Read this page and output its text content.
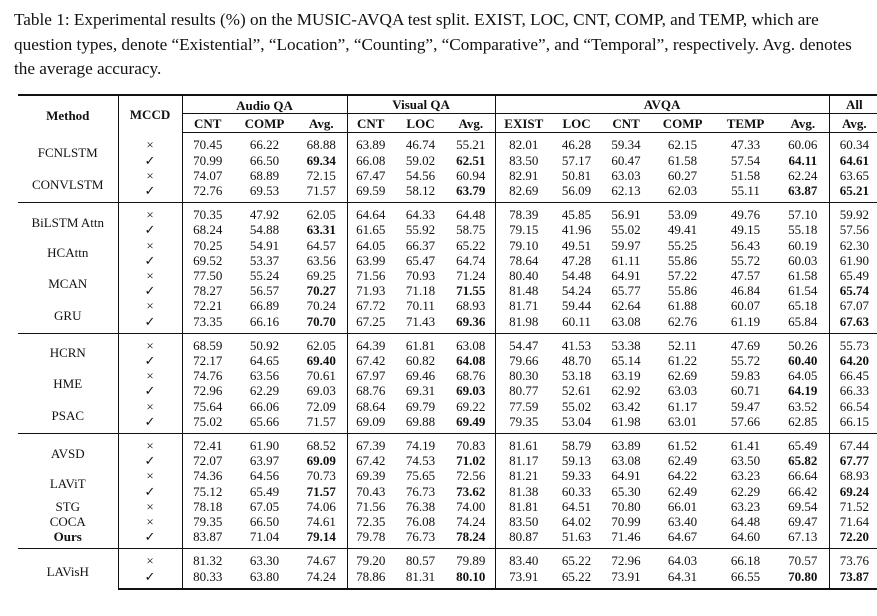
Table 1: Experimental results (%) on the MUSIC-AVQA test split. EXIST, LOC, CNT, COMP, and TEMP, which are question types, denote “Existential”, “Location”, “Counting”, “Comparative”, and “Temporal”, respectively. Avg. denotes the average accuracy.
Method	MCCD	Audio QA			Visual QA			AVQA						All
		CNT	COMP	Avg.	CNT	LOC	Avg.	EXIST	LOC	CNT	COMP	TEMP	Avg.	Avg.
FCNLSTM	×	70.45	66.22	68.88	63.89	46.74	55.21	82.01	46.28	59.34	62.15	47.33	60.06	60.34
	✓	70.99	66.50	69.34	66.08	59.02	62.51	83.50	57.17	60.47	61.58	57.54	64.11	64.61
CONVLSTM	×	74.07	68.89	72.15	67.47	54.56	60.94	82.91	50.81	63.03	60.27	51.58	62.24	63.65
	✓	72.76	69.53	71.57	69.59	58.12	63.79	82.69	56.09	62.13	62.03	55.11	63.87	65.21
BiLSTM Attn	×	70.35	47.92	62.05	64.64	64.33	64.48	78.39	45.85	56.91	53.09	49.76	57.10	59.92
	✓	68.24	54.88	63.31	61.65	55.92	58.75	79.15	41.96	55.02	49.41	49.15	55.18	57.56
HCAttn	×	70.25	54.91	64.57	64.05	66.37	65.22	79.10	49.51	59.97	55.25	56.43	60.19	62.30
	✓	69.52	53.37	63.56	63.99	65.47	64.74	78.64	47.28	61.11	55.86	55.72	60.03	61.90
MCAN	×	77.50	55.24	69.25	71.56	70.93	71.24	80.40	54.48	64.91	57.22	47.57	61.58	65.49
	✓	78.27	56.57	70.27	71.93	71.18	71.55	81.48	54.24	65.77	55.86	46.84	61.54	65.74
GRU	×	72.21	66.89	70.24	67.72	70.11	68.93	81.71	59.44	62.64	61.88	60.07	65.18	67.07
	✓	73.35	66.16	70.70	67.25	71.43	69.36	81.98	60.11	63.08	62.76	61.19	65.84	67.63
HCRN	×	68.59	50.92	62.05	64.39	61.81	63.08	54.47	41.53	53.38	52.11	47.69	50.26	55.73
	✓	72.17	64.65	69.40	67.42	60.82	64.08	79.66	48.70	65.14	61.22	55.72	60.40	64.20
HME	×	74.76	63.56	70.61	67.97	69.46	68.76	80.30	53.18	63.19	62.69	59.83	64.05	66.45
	✓	72.96	62.29	69.03	68.76	69.31	69.03	80.77	52.61	62.92	63.03	60.71	64.19	66.33
PSAC	×	75.64	66.06	72.09	68.64	69.79	69.22	77.59	55.02	63.42	61.17	59.47	63.52	66.54
	✓	75.02	65.66	71.57	69.09	69.88	69.49	79.35	53.04	61.98	63.01	57.66	62.85	66.15
AVSD	×	72.41	61.90	68.52	67.39	74.19	70.83	81.61	58.79	63.89	61.52	61.41	65.49	67.44
	✓	72.07	63.97	69.09	67.42	74.53	71.02	81.17	59.13	63.08	62.49	63.50	65.82	67.77
LAViT	×	74.36	64.56	70.73	69.39	75.65	72.56	81.21	59.33	64.91	64.22	63.23	66.64	68.93
	✓	75.12	65.49	71.57	70.43	76.73	73.62	81.38	60.33	65.30	62.49	62.29	66.42	69.24
STG	×	78.18	67.05	74.06	71.56	76.38	74.00	81.81	64.51	70.80	66.01	63.23	69.54	71.52
COCA	×	79.35	66.50	74.61	72.35	76.08	74.24	83.50	64.02	70.99	63.40	64.48	69.47	71.64
Ours	✓	83.87	71.04	79.14	79.78	76.73	78.24	80.87	51.63	71.46	64.67	64.60	67.13	72.20
LAVisH	×	81.32	63.30	74.67	79.20	80.57	79.89	83.40	65.22	72.96	64.03	66.18	70.57	73.76
	✓	80.33	63.80	74.24	78.86	81.31	80.10	73.91	65.22	73.91	64.31	66.55	70.80	73.87
